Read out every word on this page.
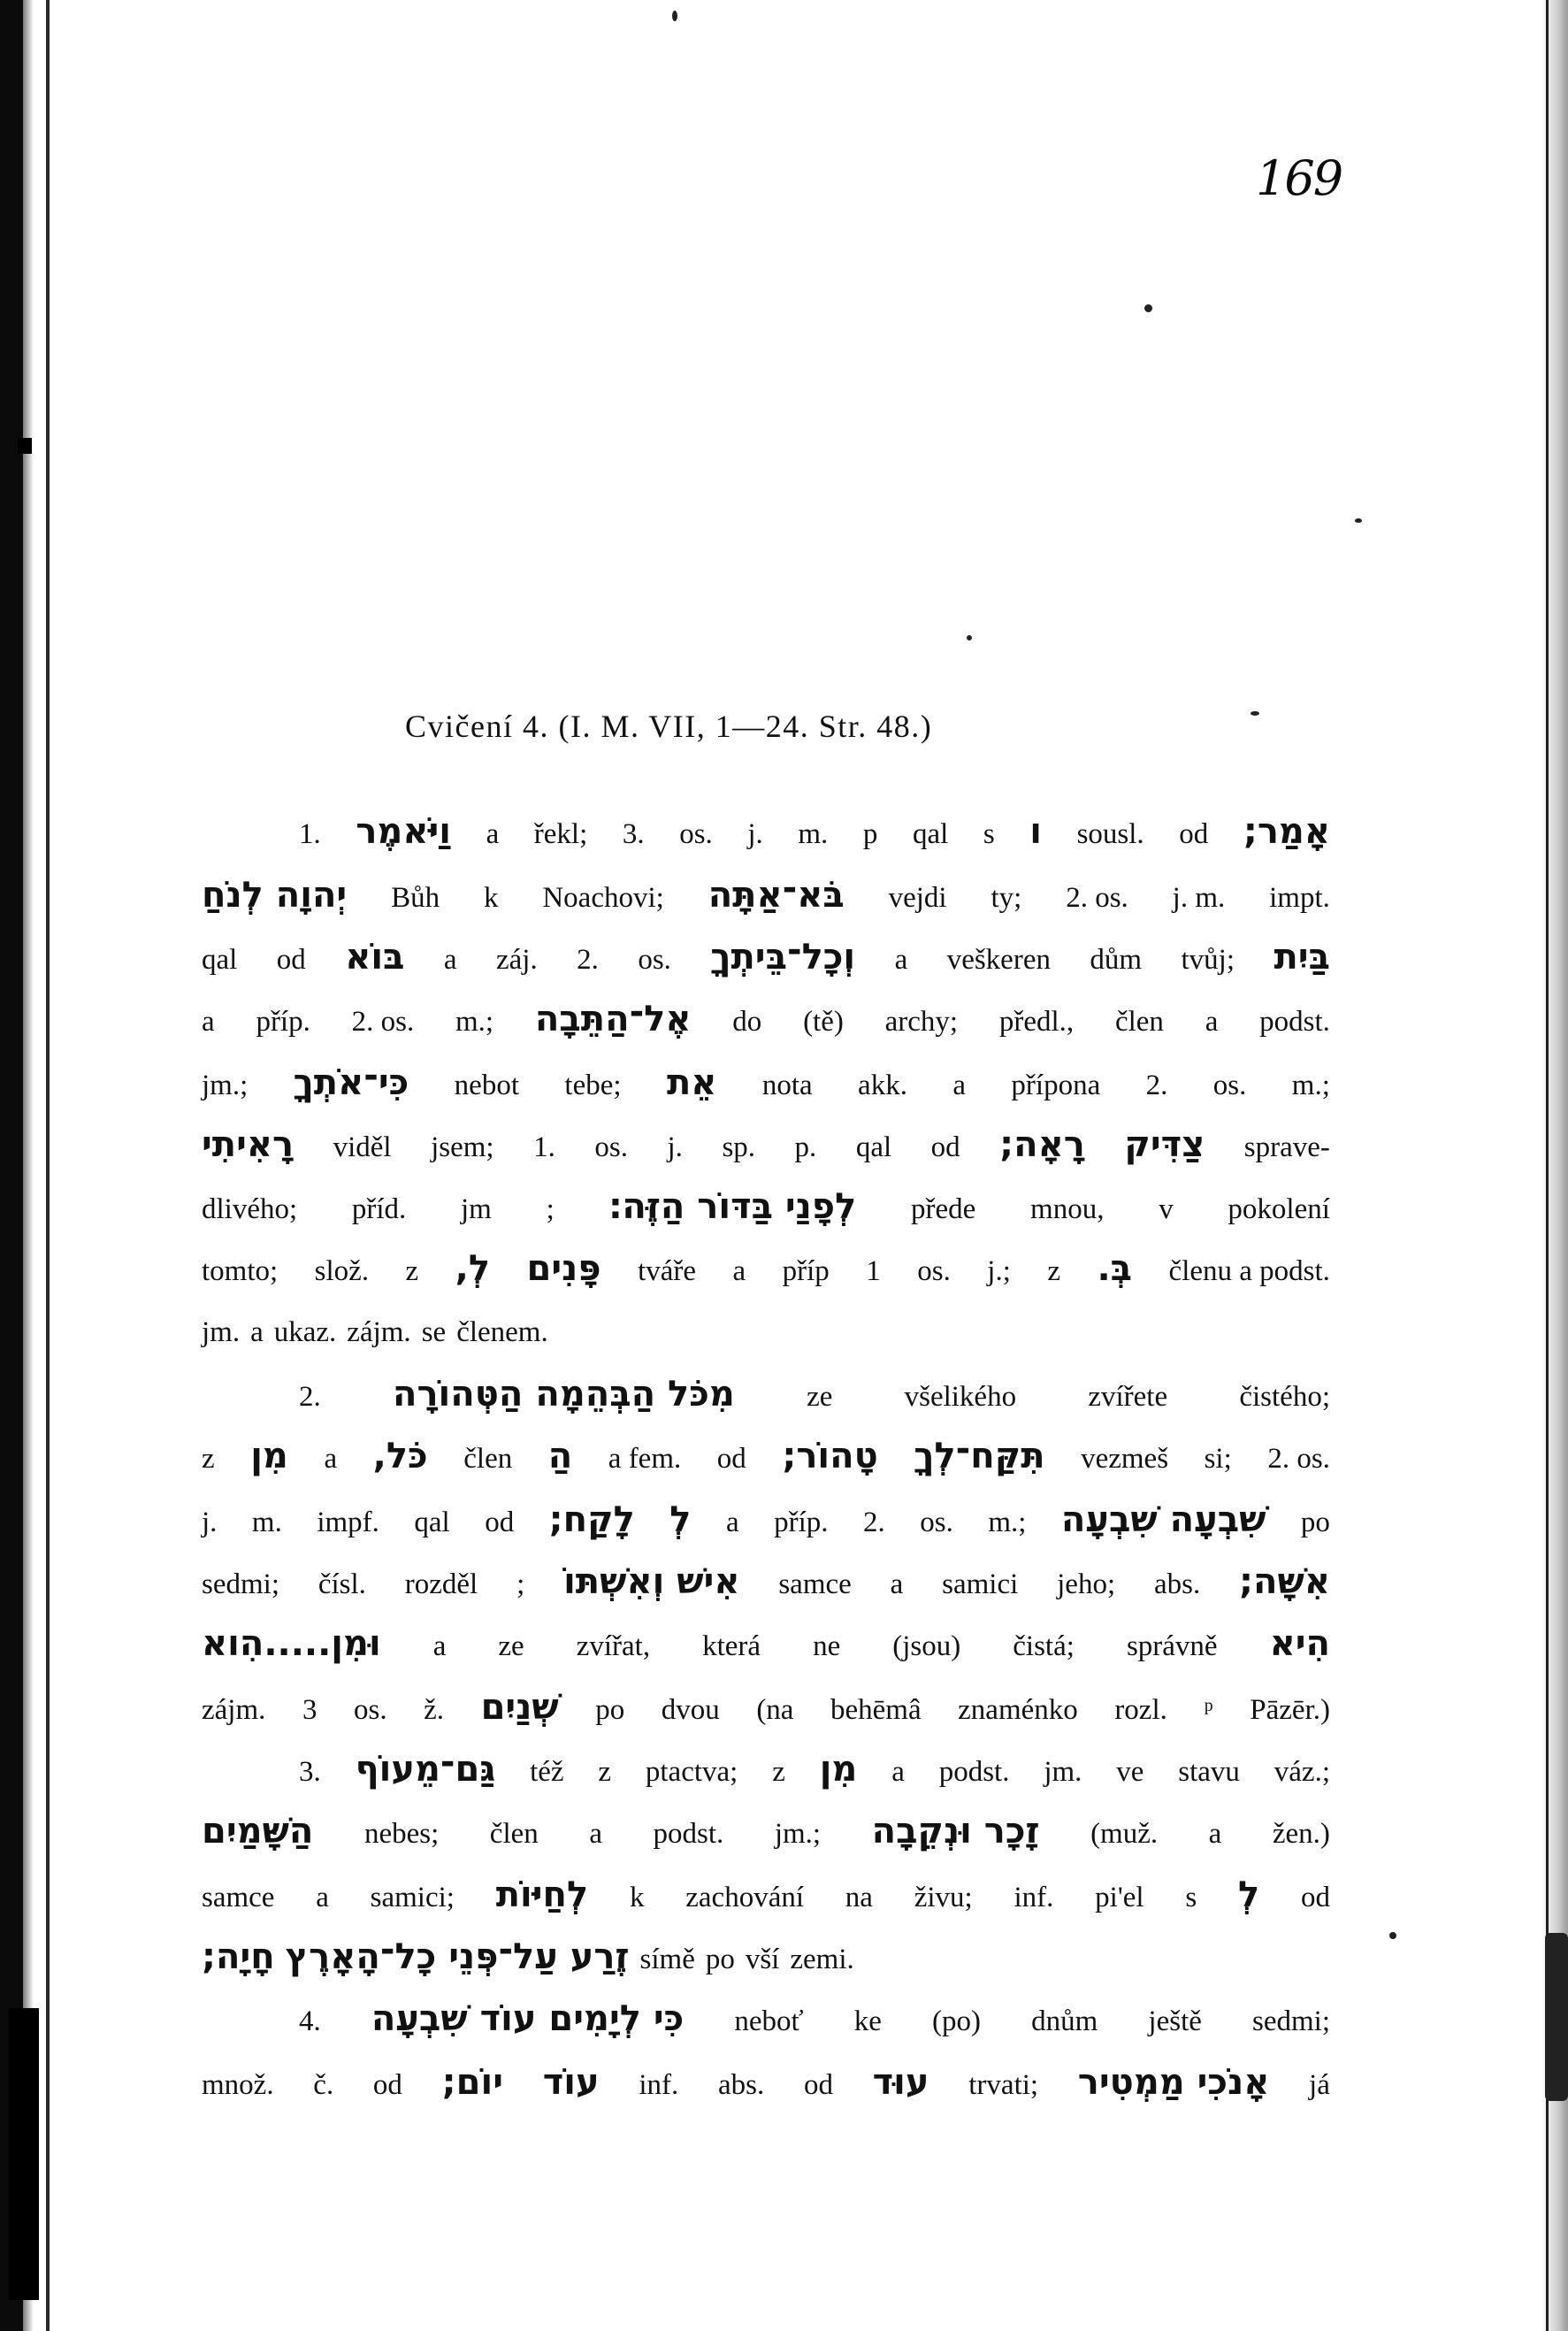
169
Cvičení 4. (I. M. VII, 1—24. Str. 48.)
1. וַיֹּאמֶר a řekl; 3. os. j. m. p qal s ו sousl. od אָמַר;
יְהוָה לְנֹחַ Bůh k Noachovi; בֹּא־אַתָּה vejdi ty; 2. os. j. m. impt.
qal od בּוֹא a záj. 2. os. וְכָל־בֵּיתְךָ a veškeren dům tvůj; בַּיִת
a příp. 2. os. m.; אֶל־הַתֵּבָה do (tě) archy; předl., člen a podst.
jm.; כִּי־אֹתְךָ nebot tebe; אֵת nota akk. a přípona 2. os. m.;
רָאִיתִי viděl jsem; 1. os. j. sp. p. qal od רָאָה; צַדִּיק sprave-
dlivého; příd. jm ; לְפָנַי בַּדּוֹר הַזֶּה׃ přede mnou, v pokolení
tomto; slož. z לְ, פָּנִים tváře a příp 1 os. j.; z בְּ. členu a podst.
jm. a ukaz. zájm. se členem.
2. מִכֹּל הַבְּהֵמָה הַטְּהוֹרָה ze všelikého zvířete čistého;
z מִן a כֹּל, člen הַ a fem. od טָהוֹר; תִּקַּח־לְךָ vezmeš si; 2. os.
j. m. impf. qal od לָקַח; לְ a příp. 2. os. m.; שִׁבְעָה שִׁבְעָה po
sedmi; čísl. rozděl ; אִישׁ וְאִשְׁתּוֹ samce a samici jeho; abs. אִשָּׁה;
וּמִן.....הִוא a ze zvířat, která ne (jsou) čistá; správně הִיא
zájm. 3 os. ž. שְׁנַיִם po dvou (na behēmâ znaménko rozl. ᵖ Pāzēr.)
3. גַּם־מֵעוֹף též z ptactva; z מִן a podst. jm. ve stavu váz.;
הַשָּׁמַיִם nebes; člen a podst. jm.; זָכָר וּנְקֵבָה (muž. a žen.)
samce a samici; לְחַיּוֹת k zachování na živu; inf. pi'el s לְ od
חָיָה; זֶרַע עַל־פְּנֵי כָל־הָאָרֶץ símě po vší zemi.
4. כִּי לְיָמִים עוֹד שִׁבְעָה neboť ke (po) dnům ještě sedmi;
množ. č. od יוֹם; עוֹד inf. abs. od עוּד trvati; אָנֹכִי מַמְטִיר já
